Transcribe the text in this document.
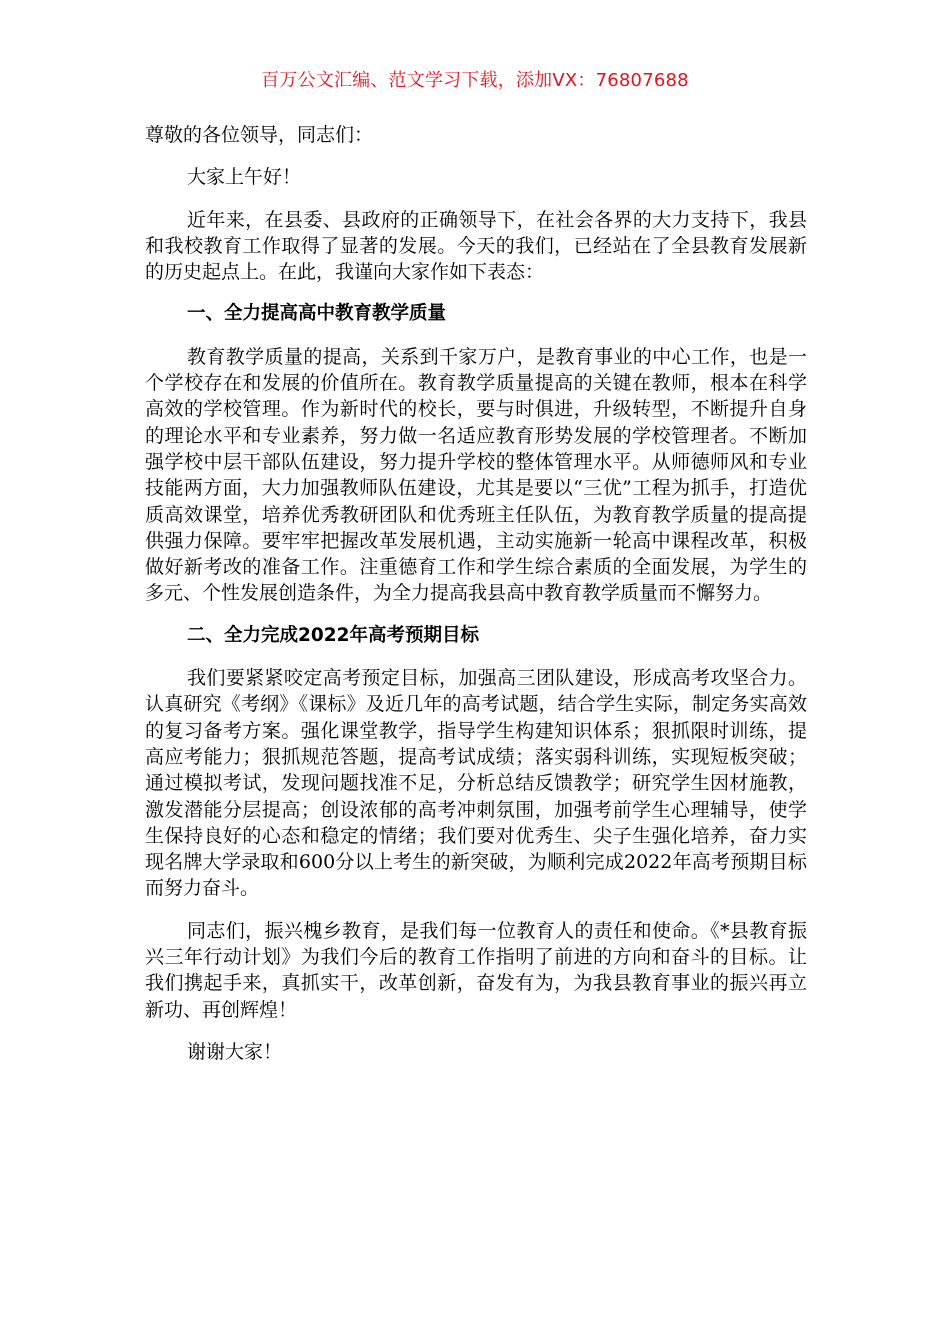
百万公文汇编、范文学习下载，添加VX：76807688

尊敬的各位领导，同志们：

大家上午好！

近年来，在县委、县政府的正确领导下，在社会各界的大力支持下，我县和我校教育工作取得了显著的发展。今天的我们，已经站在了全县教育发展新的历史起点上。在此，我谨向大家作如下表态：

一、全力提高高中教育教学质量

教育教学质量的提高，关系到千家万户，是教育事业的中心工作，也是一个学校存在和发展的价值所在。教育教学质量提高的关键在教师，根本在科学高效的学校管理。作为新时代的校长，要与时俱进，升级转型，不断提升自身的理论水平和专业素养，努力做一名适应教育形势发展的学校管理者。不断加强学校中层干部队伍建设，努力提升学校的整体管理水平。从师德师风和专业技能两方面，大力加强教师队伍建设，尤其是要以“三优”工程为抓手，打造优质高效课堂，培养优秀教研团队和优秀班主任队伍，为教育教学质量的提高提供强力保障。要牢牢把握改革发展机遇，主动实施新一轮高中课程改革，积极做好新考改的准备工作。注重德育工作和学生综合素质的全面发展，为学生的多元、个性发展创造条件，为全力提高我县高中教育教学质量而不懈努力。

二、全力完成2022年高考预期目标

我们要紧紧咬定高考预定目标，加强高三团队建设，形成高考攻坚合力。认真研究《考纲》《课标》及近几年的高考试题，结合学生实际，制定务实高效的复习备考方案。强化课堂教学，指导学生构建知识体系；狠抓限时训练，提高应考能力；狠抓规范答题，提高考试成绩；落实弱科训练，实现短板突破；通过模拟考试，发现问题找准不足，分析总结反馈教学；研究学生因材施教，激发潜能分层提高；创设浓郁的高考冲刺氛围，加强考前学生心理辅导，使学生保持良好的心态和稳定的情绪；我们要对优秀生、尖子生强化培养，奋力实现名牌大学录取和600分以上考生的新突破，为顺利完成2022年高考预期目标而努力奋斗。

同志们，振兴槐乡教育，是我们每一位教育人的责任和使命。《*县教育振兴三年行动计划》为我们今后的教育工作指明了前进的方向和奋斗的目标。让我们携起手来，真抓实干，改革创新，奋发有为，为我县教育事业的振兴再立新功、再创辉煌！

谢谢大家！
